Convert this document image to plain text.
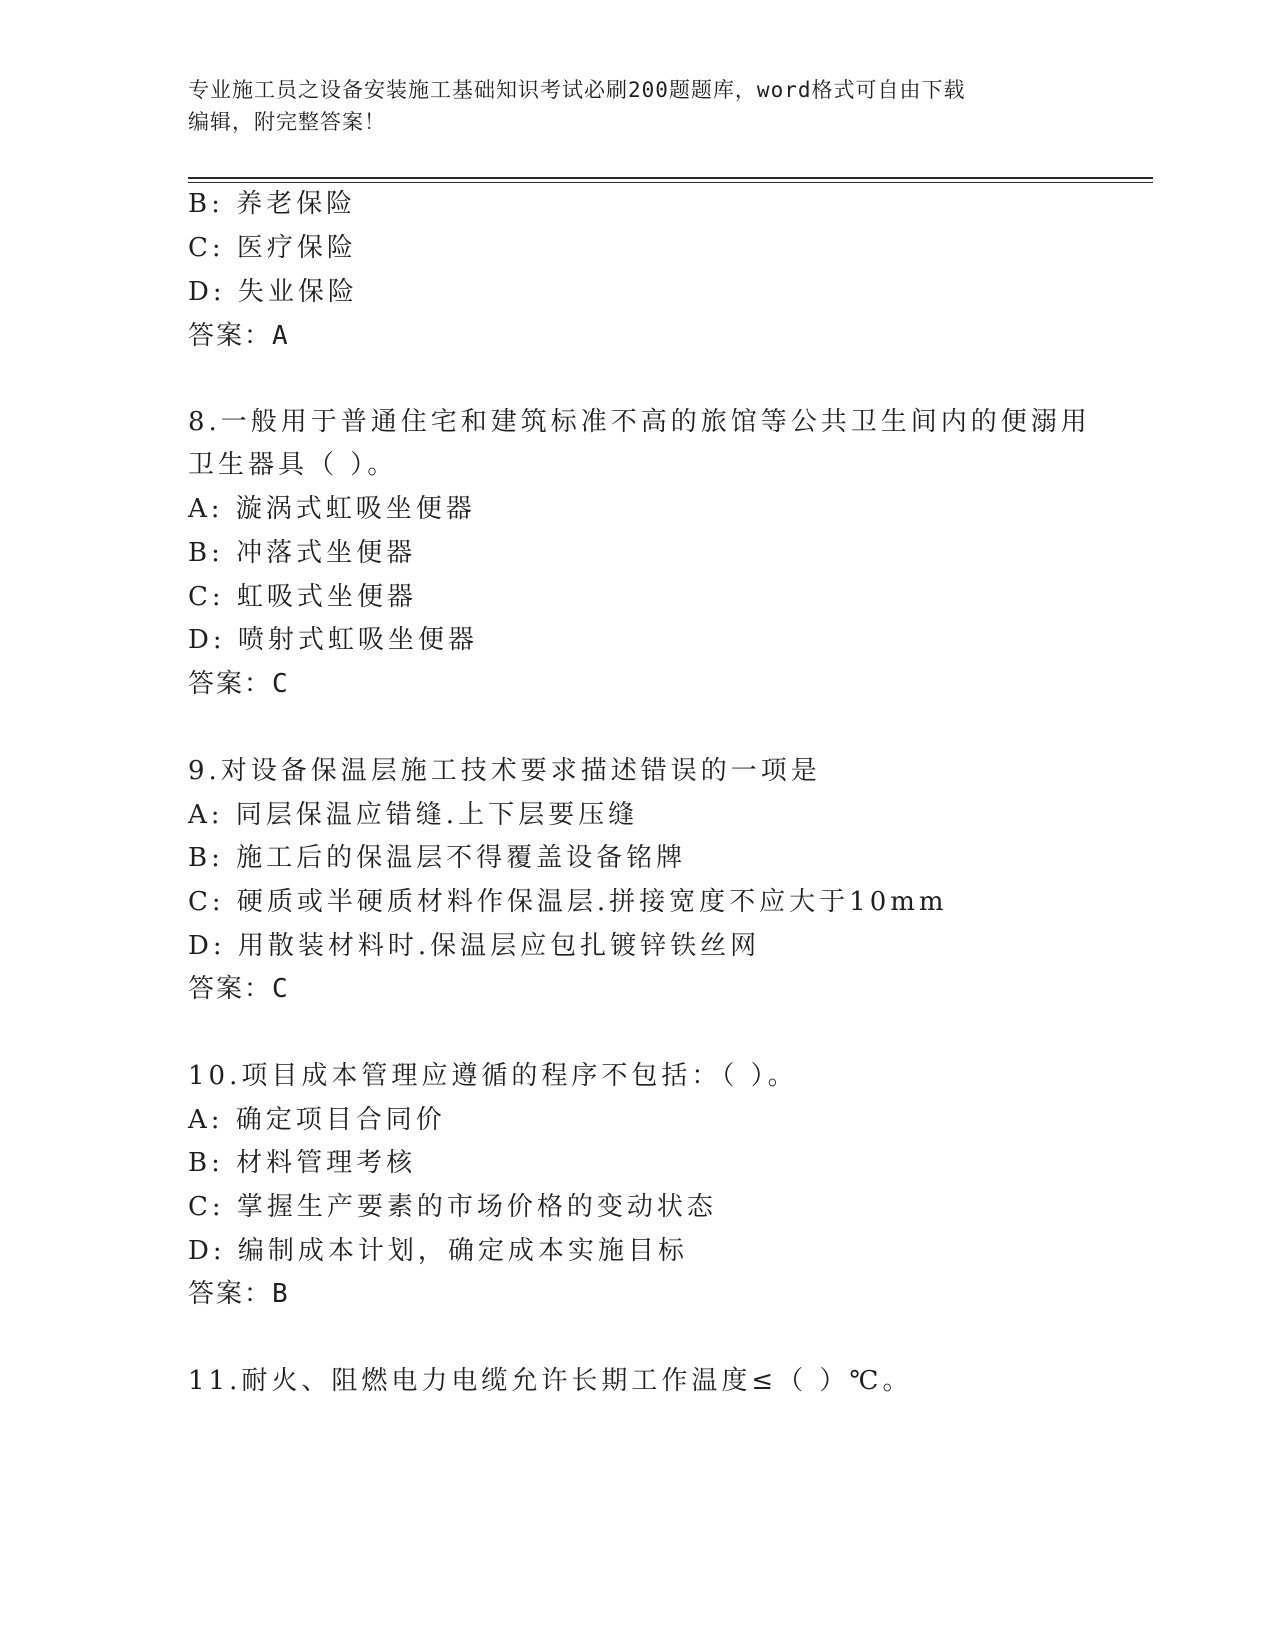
专业施工员之设备安装施工基础知识考试必刷200题题库，word格式可自由下载
编辑，附完整答案！
B: 养老保险
C: 医疗保险
D: 失业保险
答案：A
8.一般用于普通住宅和建筑标准不高的旅馆等公共卫生间内的便溺用
卫生器具（ ）。
A: 漩涡式虹吸坐便器
B: 冲落式坐便器
C: 虹吸式坐便器
D: 喷射式虹吸坐便器
答案：C
9.对设备保温层施工技术要求描述错误的一项是
A: 同层保温应错缝.上下层要压缝
B: 施工后的保温层不得覆盖设备铭牌
C: 硬质或半硬质材料作保温层.拼接宽度不应大于10mm
D: 用散装材料时.保温层应包扎镀锌铁丝网
答案：C
10.项目成本管理应遵循的程序不包括：（ ）。
A: 确定项目合同价
B: 材料管理考核
C: 掌握生产要素的市场价格的变动状态
D: 编制成本计划，确定成本实施目标
答案：B
11.耐火、阻燃电力电缆允许长期工作温度≤（ ）℃。
